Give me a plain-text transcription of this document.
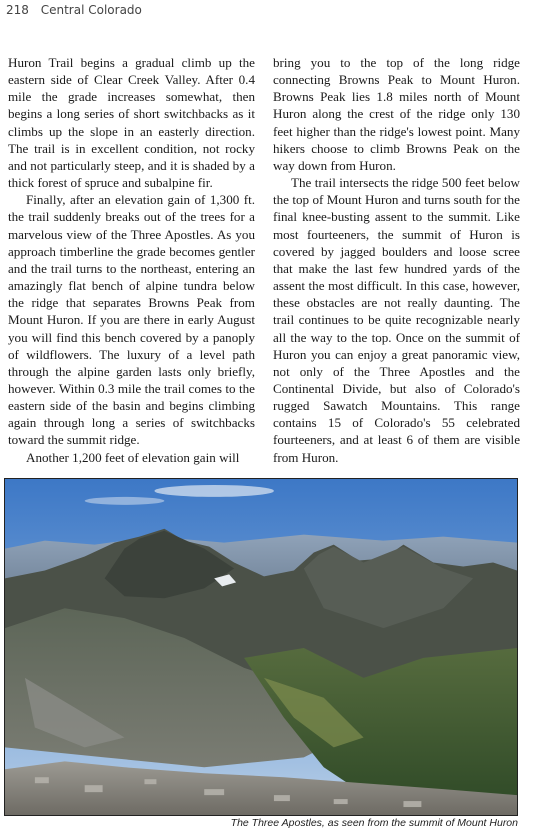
218 Central Colorado

Huron Trail begins a gradual climb up the eastern side of Clear Creek Valley. After 0.4 mile the grade increases somewhat, then begins a long series of short switchbacks as it climbs up the slope in an easterly direction. The trail is in excellent condition, not rocky and not particularly steep, and it is shaded by a thick forest of spruce and subalpine fir.

Finally, after an elevation gain of 1,300 ft. the trail suddenly breaks out of the trees for a marvelous view of the Three Apostles. As you approach timberline the grade becomes gentler and the trail turns to the northeast, entering an amazingly flat bench of alpine tundra below the ridge that separates Browns Peak from Mount Huron. If you are there in early August you will find this bench covered by a panoply of wildflowers. The luxury of a level path through the alpine garden lasts only briefly, however. Within 0.3 mile the trail comes to the eastern side of the basin and begins climbing again through long a series of switchbacks toward the summit ridge.

Another 1,200 feet of elevation gain will

bring you to the top of the long ridge connecting Browns Peak to Mount Huron. Browns Peak lies 1.8 miles north of Mount Huron along the crest of the ridge only 130 feet higher than the ridge's lowest point. Many hikers choose to climb Browns Peak on the way down from Huron.

The trail intersects the ridge 500 feet below the top of Mount Huron and turns south for the final knee-busting assent to the summit. Like most fourteeners, the summit of Huron is covered by jagged boulders and loose scree that make the last few hundred yards of the assent the most difficult. In this case, however, these obstacles are not really daunting. The trail continues to be quite recognizable nearly all the way to the top. Once on the summit of Huron you can enjoy a great panoramic view, not only of the Three Apostles and the Continental Divide, but also of Colorado's rugged Sawatch Mountains. This range contains 15 of Colorado's 55 celebrated fourteeners, and at least 6 of them are visible from Huron.

The Three Apostles, as seen from the summit of Mount Huron
